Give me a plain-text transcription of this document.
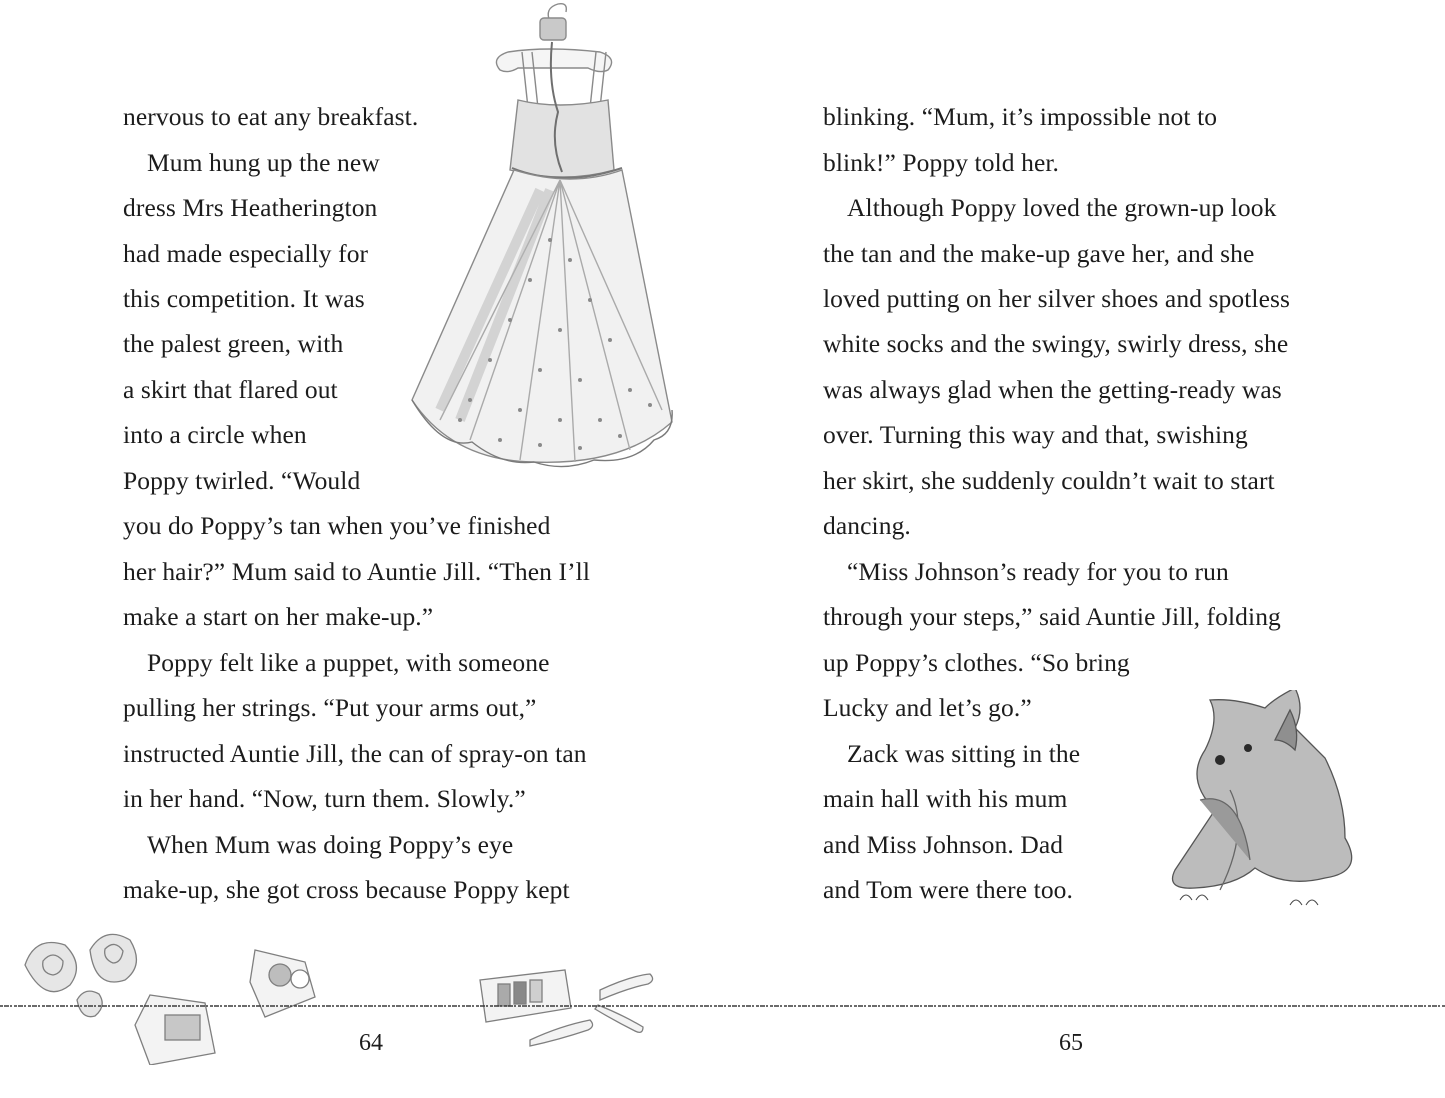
nervous to eat any breakfast.
Mum hung up the new
dress Mrs Heatherington
had made especially for
this competition. It was
the palest green, with
a skirt that flared out
into a circle when
Poppy twirled. “Would
you do Poppy’s tan when you’ve finished
her hair?” Mum said to Auntie Jill. “Then I’ll
make a start on her make-up.”
Poppy felt like a puppet, with someone
pulling her strings. “Put your arms out,”
instructed Auntie Jill, the can of spray-on tan
in her hand. “Now, turn them. Slowly.”
When Mum was doing Poppy’s eye
make-up, she got cross because Poppy kept
64
blinking. “Mum, it’s impossible not to
blink!” Poppy told her.
Although Poppy loved the grown-up look
the tan and the make-up gave her, and she
loved putting on her silver shoes and spotless
white socks and the swingy, swirly dress, she
was always glad when the getting-ready was
over. Turning this way and that, swishing
her skirt, she suddenly couldn’t wait to start
dancing.
“Miss Johnson’s ready for you to run
through your steps,” said Auntie Jill, folding
up Poppy’s clothes. “So bring
Lucky and let’s go.”
Zack was sitting in the
main hall with his mum
and Miss Johnson. Dad
and Tom were there too.
65
